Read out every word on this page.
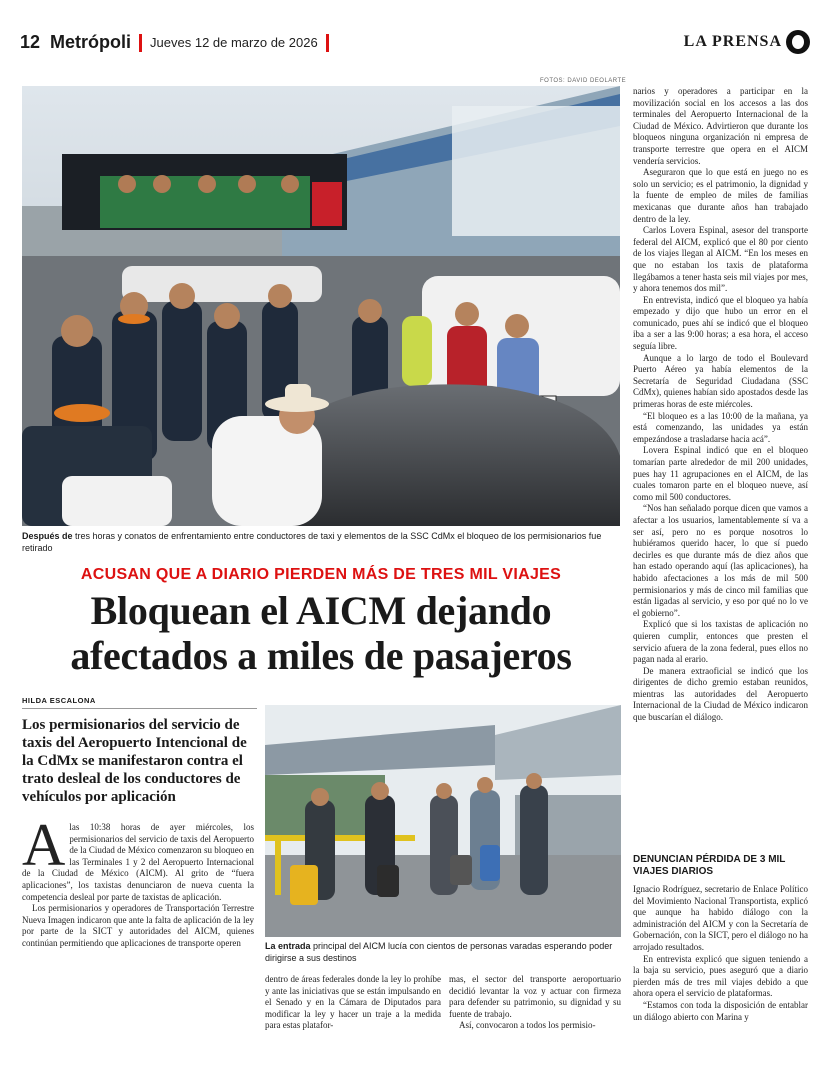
12 Metrópoli Jueves 12 de marzo de 2026	LA PRENSA
FOTOS: DAVID DEOLARTE
Después de tres horas y conatos de enfrentamiento entre conductores de taxi y elementos de la SSC CdMx el bloqueo de los permisionarios fue retirado
ACUSAN QUE A DIARIO PIERDEN MÁS DE TRES MIL VIAJES
Bloquean el AICM dejando
afectados a miles de pasajeros
HILDA ESCALONA
Los permisionarios del servicio de taxis del Aeropuerto Intencional de la CdMx se manifestaron contra el trato desleal de los conductores de vehículos por aplicación
A las 10:38 horas de ayer miércoles, los permisionarios del servicio de taxis del Aeropuerto de la Ciudad de México comenzaron su bloqueo en las Terminales 1 y 2 del Aeropuerto Internacional de la Ciudad de México (AICM). Al grito de “fuera aplicaciones”, los taxistas denunciaron de nueva cuenta la competencia desleal por parte de taxistas de aplicación.

Los permisionarios y operadores de Transportación Terrestre Nueva Imagen indicaron que ante la falta de aplicación de la ley por parte de la SICT y autoridades del AICM, quienes continúan permitiendo que aplicaciones de transporte operen	La entrada principal del AICM lucía con cientos de personas varadas esperando poder dirigirse a sus destinos

dentro de áreas federales donde la ley lo prohíbe y ante las iniciativas que se están impulsando en el Senado y en la Cámara de Diputados para modificar la ley y hacer un traje a la medida para estas platafor-

mas, el sector del transporte aeroportuario decidió levantar la voz y actuar con firmeza para defender su patrimonio, su dignidad y su fuente de trabajo.

Así, convocaron a todos los permisio-

narios y operadores a participar en la movilización social en los accesos a las dos terminales del Aeropuerto Internacional de la Ciudad de México. Advirtieron que durante los bloqueos ninguna organización ni empresa de transporte terrestre que opera en el AICM vendería servicios.

Aseguraron que lo que está en juego no es solo un servicio; es el patrimonio, la dignidad y la fuente de empleo de miles de familias mexicanas que durante años han trabajado dentro de la ley.

Carlos Lovera Espinal, asesor del transporte federal del AICM, explicó que el 80 por ciento de los viajes llegan al AICM. “En los meses en que no estaban los taxis de plataforma llegábamos a tener hasta seis mil viajes por mes, y ahora tenemos dos mil”.

En entrevista, indicó que el bloqueo ya había empezado y dijo que hubo un error en el comunicado, pues ahí se indicó que el bloqueo iba a ser a las 9:00 horas; a esa hora, el acceso seguía libre.

Aunque a lo largo de todo el Boulevard Puerto Aéreo ya había elementos de la Secretaría de Seguridad Ciudadana (SSC CdMx), quienes habían sido apostados desde las primeras horas de este miércoles.

“El bloqueo es a las 10:00 de la mañana, ya está comenzando, las unidades ya están empezándose a trasladarse hacia acá”.

Lovera Espinal indicó que en el bloqueo tomarían parte alrededor de mil 200 unidades, pues hay 11 agrupaciones en el AICM, de las cuales tomaron parte en el bloqueo nueve, así como mil 500 conductores.

“Nos han señalado porque dicen que vamos a afectar a los usuarios, lamentablemente sí va a ser así, pero no es porque nosotros lo hubiéramos querido hacer, lo que sí puedo decirles es que durante más de diez años que han estado operando aquí (las aplicaciones), ha habido afectaciones a los más de mil 500 permisionarios y más de cinco mil familias que están ligadas al servicio, y eso por qué no lo ve el gobierno”.

Explicó que si los taxistas de aplicación no quieren cumplir, entonces que presten el servicio afuera de la zona federal, pues ellos no pagan nada al erario.

De manera extraoficial se indicó que los dirigentes de dicho gremio estaban reunidos, mientras las autoridades del Aeropuerto Internacional de la Ciudad de México indicaron que buscarían el diálogo.

DENUNCIAN PÉRDIDA DE 3 MIL VIAJES DIARIOS

Ignacio Rodríguez, secretario de Enlace Político del Movimiento Nacional Transportista, explicó que aunque ha habido diálogo con la administración del AICM y con la Secretaría de Gobernación, con la SICT, pero el diálogo no ha arrojado resultados.

En entrevista explicó que siguen teniendo a la baja su servicio, pues aseguró que a diario pierden más de tres mil viajes debido a que ahora opera el servicio de plataformas.

“Estamos con toda la disposición de entablar un diálogo abierto con Marina y
